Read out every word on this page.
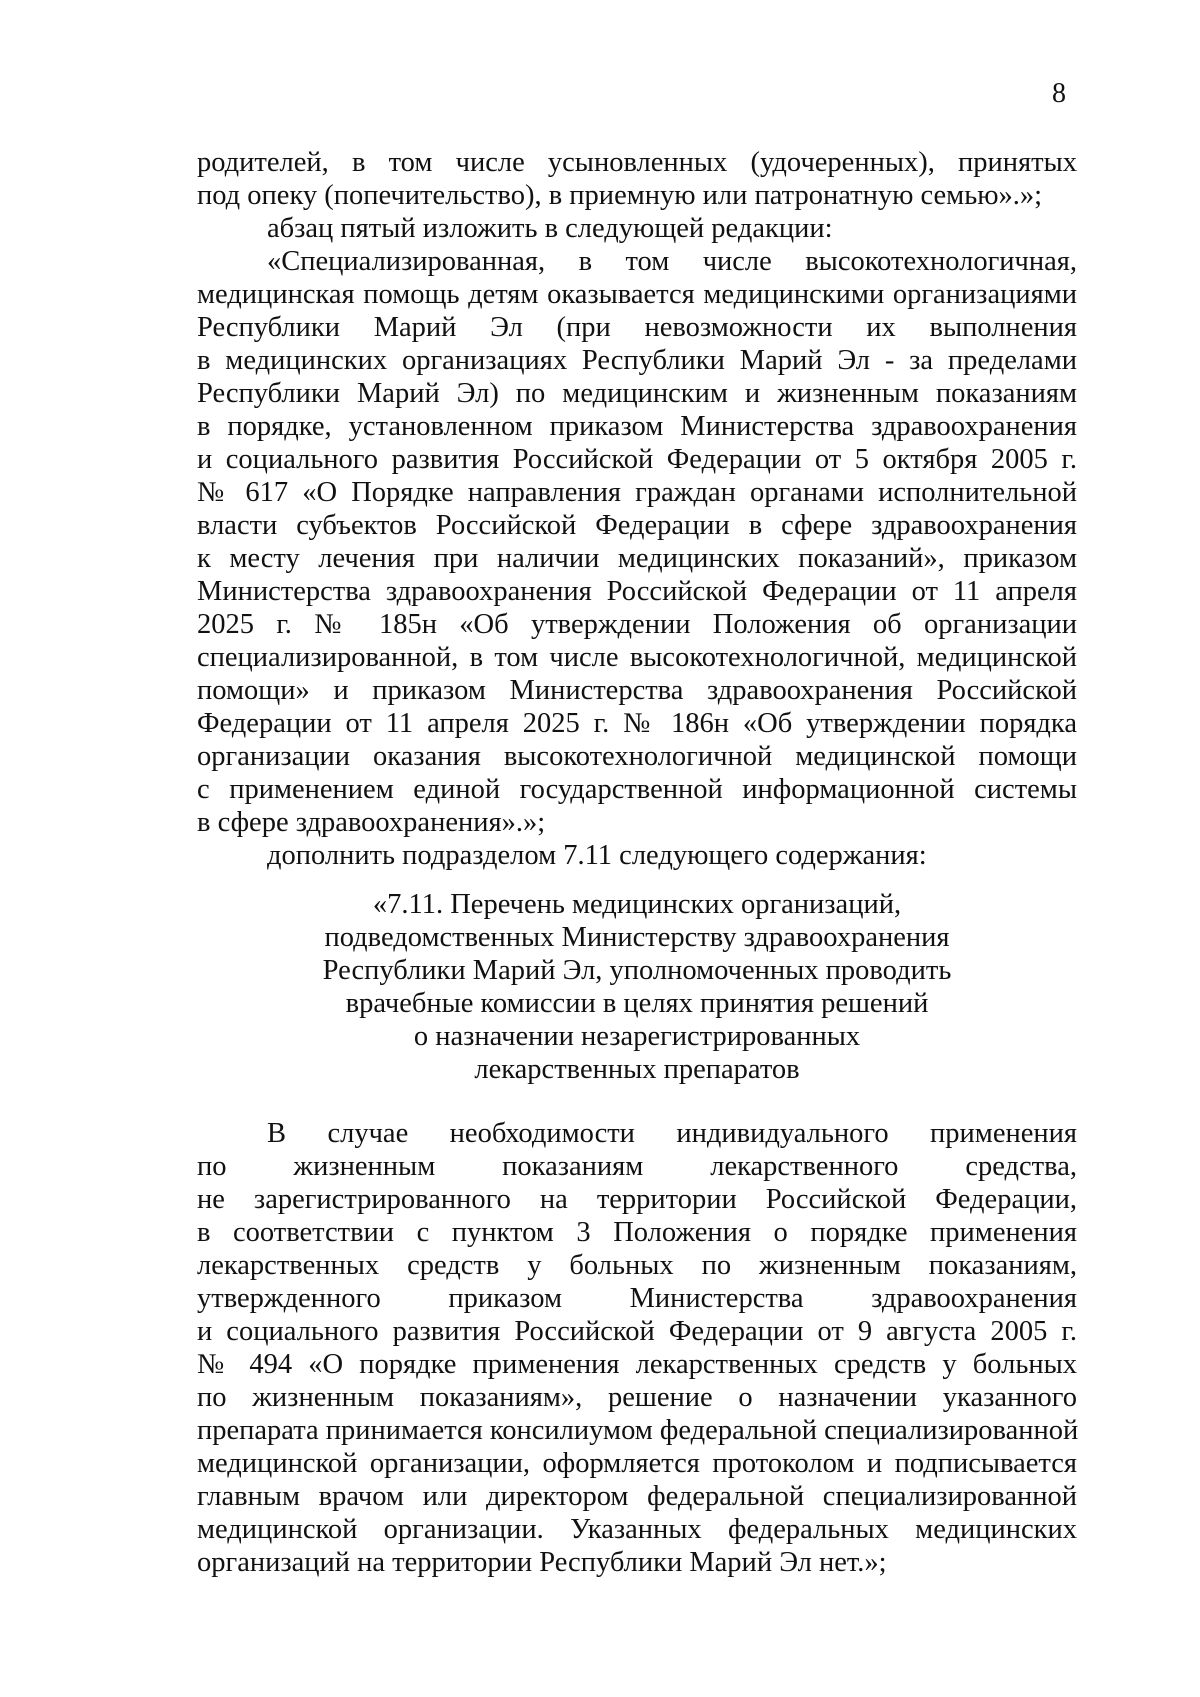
8
родителей, в том числе усыновленных (удочеренных), принятых
под опеку (попечительство), в приемную или патронатную семью».»;
абзац пятый изложить в следующей редакции:
«Специализированная, в том числе высокотехнологичная,
медицинская помощь детям оказывается медицинскими организациями
Республики Марий Эл (при невозможности их выполнения
в медицинских организациях Республики Марий Эл - за пределами
Республики Марий Эл) по медицинским и жизненным показаниям
в порядке, установленном приказом Министерства здравоохранения
и социального развития Российской Федерации от 5 октября 2005 г.
№ 617 «О Порядке направления граждан органами исполнительной
власти субъектов Российской Федерации в сфере здравоохранения
к месту лечения при наличии медицинских показаний», приказом
Министерства здравоохранения Российской Федерации от 11 апреля
2025 г. № 185н «Об утверждении Положения об организации
специализированной, в том числе высокотехнологичной, медицинской
помощи» и приказом Министерства здравоохранения Российской
Федерации от 11 апреля 2025 г. № 186н «Об утверждении порядка
организации оказания высокотехнологичной медицинской помощи
с применением единой государственной информационной системы
в сфере здравоохранения».»;
дополнить подразделом 7.11 следующего содержания:
«7.11. Перечень медицинских организаций,
подведомственных Министерству здравоохранения
Республики Марий Эл, уполномоченных проводить
врачебные комиссии в целях принятия решений
о назначении незарегистрированных
лекарственных препаратов
В случае необходимости индивидуального применения
по жизненным показаниям лекарственного средства,
не зарегистрированного на территории Российской Федерации,
в соответствии с пунктом 3 Положения о порядке применения
лекарственных средств у больных по жизненным показаниям,
утвержденного приказом Министерства здравоохранения
и социального развития Российской Федерации от 9 августа 2005 г.
№ 494 «О порядке применения лекарственных средств у больных
по жизненным показаниям», решение о назначении указанного
препарата принимается консилиумом федеральной специализированной
медицинской организации, оформляется протоколом и подписывается
главным врачом или директором федеральной специализированной
медицинской организации. Указанных федеральных медицинских
организаций на территории Республики Марий Эл нет.»;
